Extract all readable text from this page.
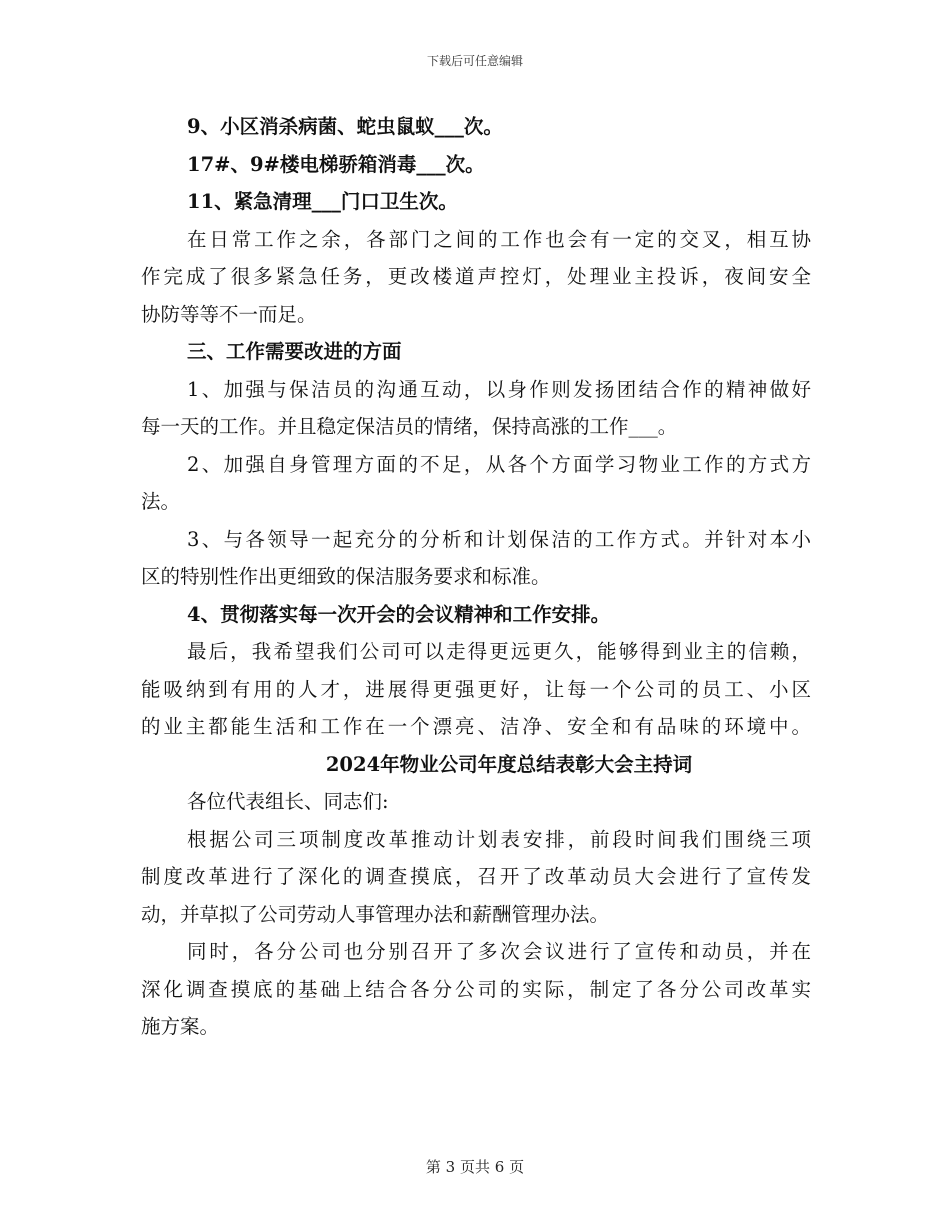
下载后可任意编辑
9、小区消杀病菌、蛇虫鼠蚁___次。
17#、9#楼电梯骄箱消毒___次。
11、紧急清理___门口卫生次。
在日常工作之余，各部门之间的工作也会有一定的交叉，相互协
作完成了很多紧急任务，更改楼道声控灯，处理业主投诉，夜间安全
协防等等不一而足。
三、工作需要改进的方面
1、加强与保洁员的沟通互动，以身作则发扬团结合作的精神做好
每一天的工作。并且稳定保洁员的情绪，保持高涨的工作___。
2、加强自身管理方面的不足，从各个方面学习物业工作的方式方
法。
3、与各领导一起充分的分析和计划保洁的工作方式。并针对本小
区的特别性作出更细致的保洁服务要求和标准。
4、贯彻落实每一次开会的会议精神和工作安排。
最后，我希望我们公司可以走得更远更久，能够得到业主的信赖，
能吸纳到有用的人才，进展得更强更好，让每一个公司的员工、小区
的业主都能生活和工作在一个漂亮、洁净、安全和有品味的环境中。
2024年物业公司年度总结表彰大会主持词
各位代表组长、同志们:
根据公司三项制度改革推动计划表安排，前段时间我们围绕三项
制度改革进行了深化的调查摸底，召开了改革动员大会进行了宣传发
动，并草拟了公司劳动人事管理办法和薪酬管理办法。
同时，各分公司也分别召开了多次会议进行了宣传和动员，并在
深化调查摸底的基础上结合各分公司的实际，制定了各分公司改革实
施方案。
第 3 页共 6 页
